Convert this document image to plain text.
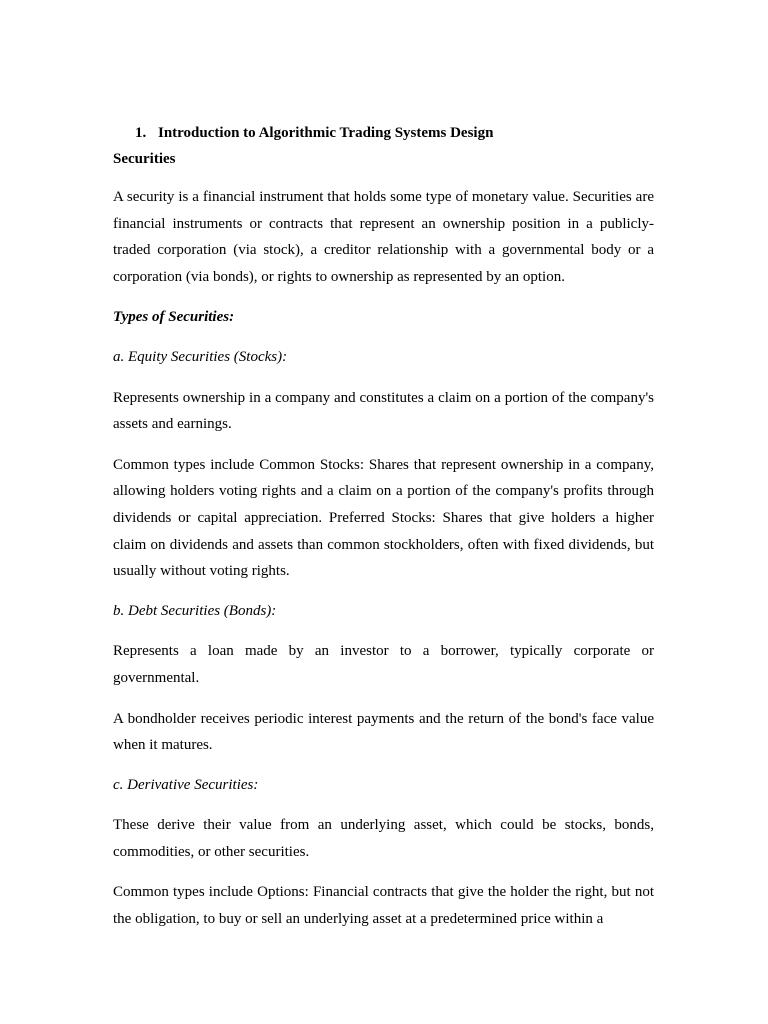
1. Introduction to Algorithmic Trading Systems Design
Securities

A security is a financial instrument that holds some type of monetary value. Securities are financial instruments or contracts that represent an ownership position in a publicly-traded corporation (via stock), a creditor relationship with a governmental body or a corporation (via bonds), or rights to ownership as represented by an option.

Types of Securities:
a. Equity Securities (Stocks):

Represents ownership in a company and constitutes a claim on a portion of the company's assets and earnings.

Common types include Common Stocks: Shares that represent ownership in a company, allowing holders voting rights and a claim on a portion of the company's profits through dividends or capital appreciation. Preferred Stocks: Shares that give holders a higher claim on dividends and assets than common stockholders, often with fixed dividends, but usually without voting rights.

b. Debt Securities (Bonds):

Represents a loan made by an investor to a borrower, typically corporate or governmental.

A bondholder receives periodic interest payments and the return of the bond's face value when it matures.

c. Derivative Securities:

These derive their value from an underlying asset, which could be stocks, bonds, commodities, or other securities.

Common types include Options: Financial contracts that give the holder the right, but not the obligation, to buy or sell an underlying asset at a predetermined price within a
